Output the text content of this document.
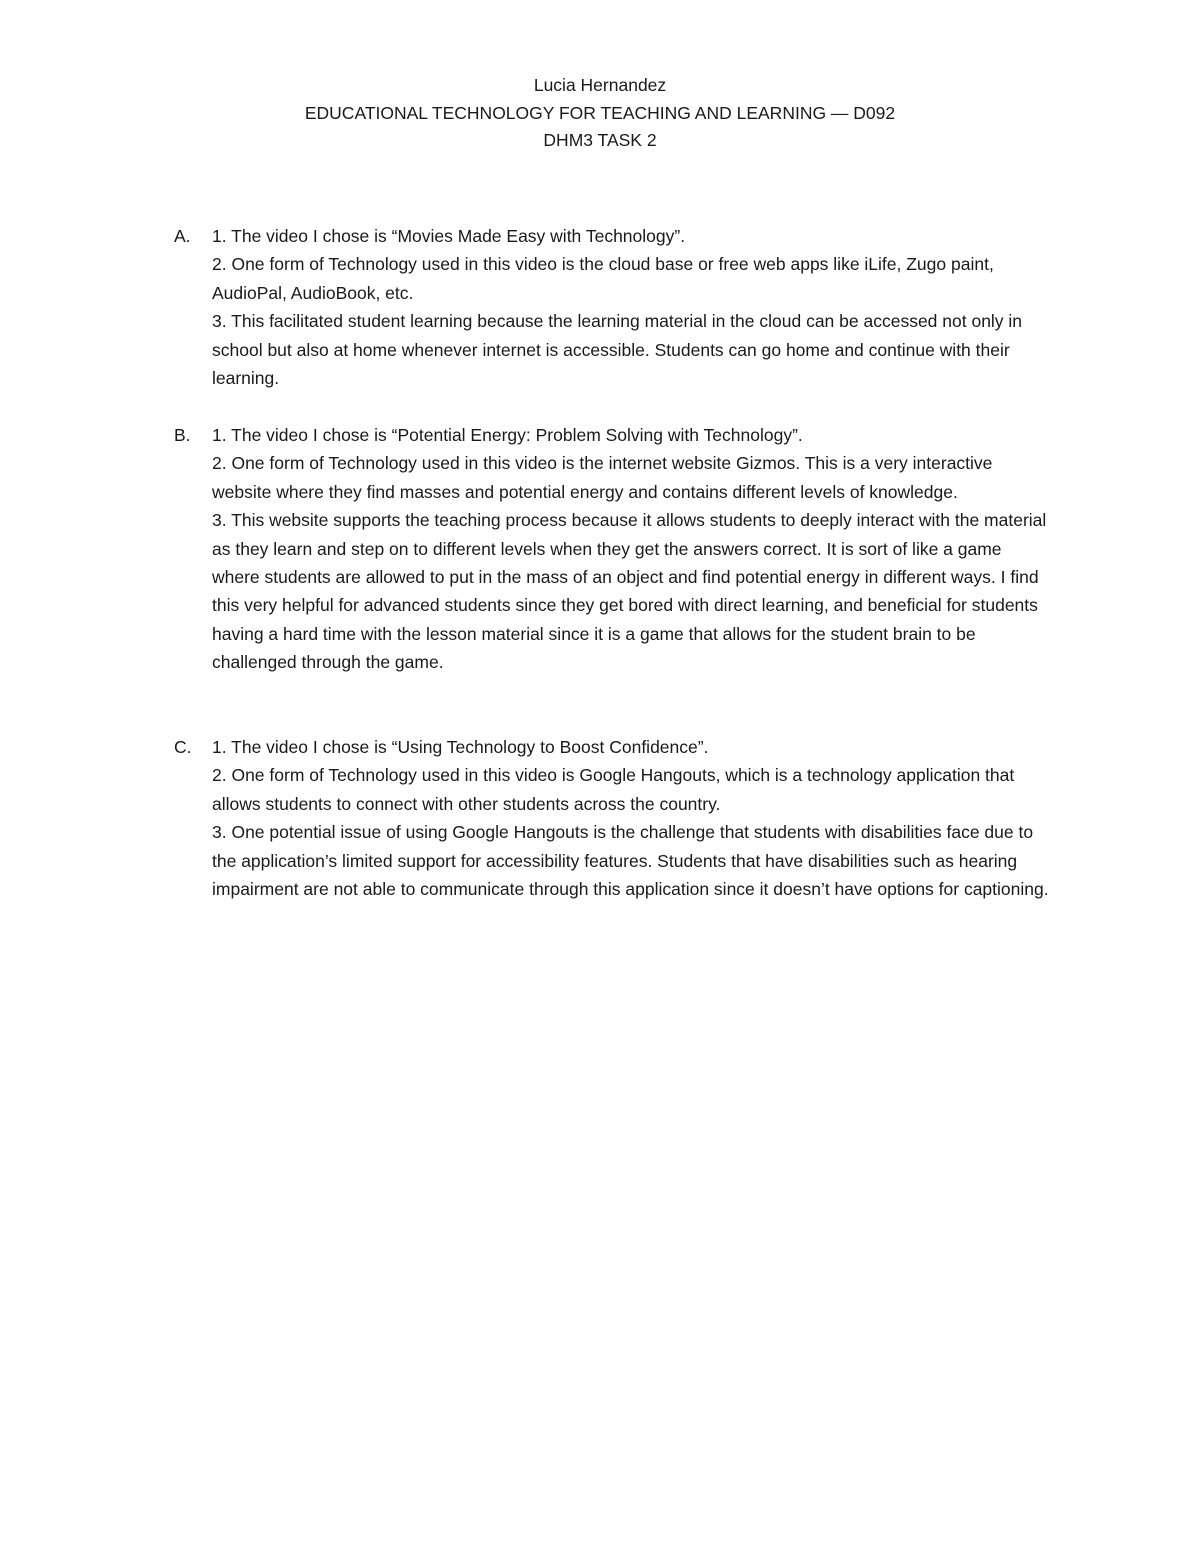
Lucia Hernandez
EDUCATIONAL TECHNOLOGY FOR TEACHING AND LEARNING — D092
DHM3 TASK 2
A.	1. The video I chose is “Movies Made Easy with Technology”.

2. One form of Technology used in this video is the cloud base or free web apps like iLife, Zugo paint, AudioPal, AudioBook, etc.

3. This facilitated student learning because the learning material in the cloud can be accessed not only in school but also at home whenever internet is accessible. Students can go home and continue with their learning.

B.	1. The video I chose is “Potential Energy: Problem Solving with Technology”.

2. One form of Technology used in this video is the internet website Gizmos. This is a very interactive website where they find masses and potential energy and contains different levels of knowledge.

3. This website supports the teaching process because it allows students to deeply interact with the material as they learn and step on to different levels when they get the answers correct. It is sort of like a game where students are allowed to put in the mass of an object and find potential energy in different ways. I find this very helpful for advanced students since they get bored with direct learning, and beneficial for students having a hard time with the lesson material since it is a game that allows for the student brain to be challenged through the game.

C.	1. The video I chose is “Using Technology to Boost Confidence”.

2. One form of Technology used in this video is Google Hangouts, which is a technology application that allows students to connect with other students across the country.

3. One potential issue of using Google Hangouts is the challenge that students with disabilities face due to the application’s limited support for accessibility features. Students that have disabilities such as hearing impairment are not able to communicate through this application since it doesn’t have options for captioning.
